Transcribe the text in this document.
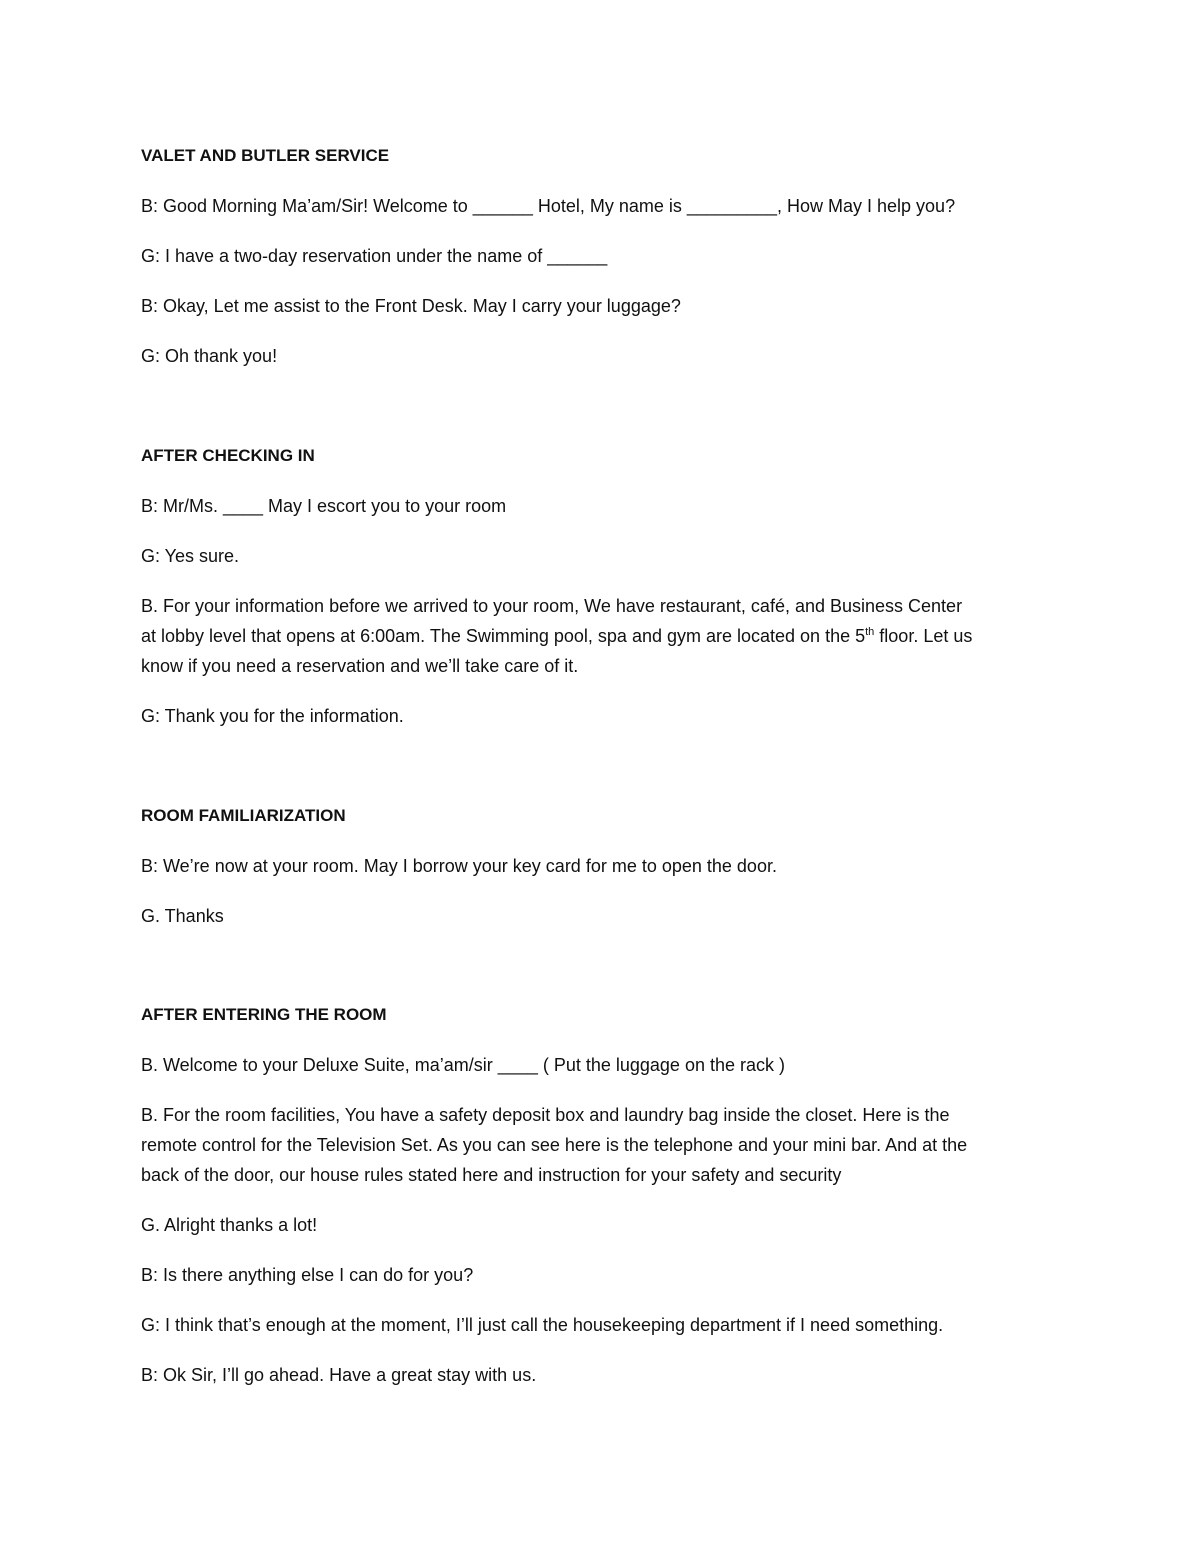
VALET AND BUTLER SERVICE
B: Good Morning Ma’am/Sir! Welcome to ______ Hotel, My name is _________, How May I help you?
G: I have a two-day reservation under the name of ______
B: Okay, Let me assist to the Front Desk. May I carry your luggage?
G: Oh thank you!
AFTER CHECKING IN
B: Mr/Ms. ____ May I escort you to your room
G: Yes sure.
B. For your information before we arrived to your room, We have restaurant, café, and Business Center
at lobby level that opens at 6:00am. The Swimming pool, spa and gym are located on the 5th floor. Let us
know if you need a reservation and we’ll take care of it.
G: Thank you for the information.
ROOM FAMILIARIZATION
B: We’re now at your room. May I borrow your key card for me to open the door.
G. Thanks
AFTER ENTERING THE ROOM
B. Welcome to your Deluxe Suite, ma’am/sir ____ ( Put the luggage on the rack )
B. For the room facilities, You have a safety deposit box and laundry bag inside the closet. Here is the
remote control for the Television Set. As you can see here is the telephone and your mini bar. And at the
back of the door, our house rules stated here and instruction for your safety and security
G. Alright thanks a lot!
B: Is there anything else I can do for you?
G: I think that’s enough at the moment, I’ll just call the housekeeping department if I need something.
B: Ok Sir, I’ll go ahead. Have a great stay with us.
